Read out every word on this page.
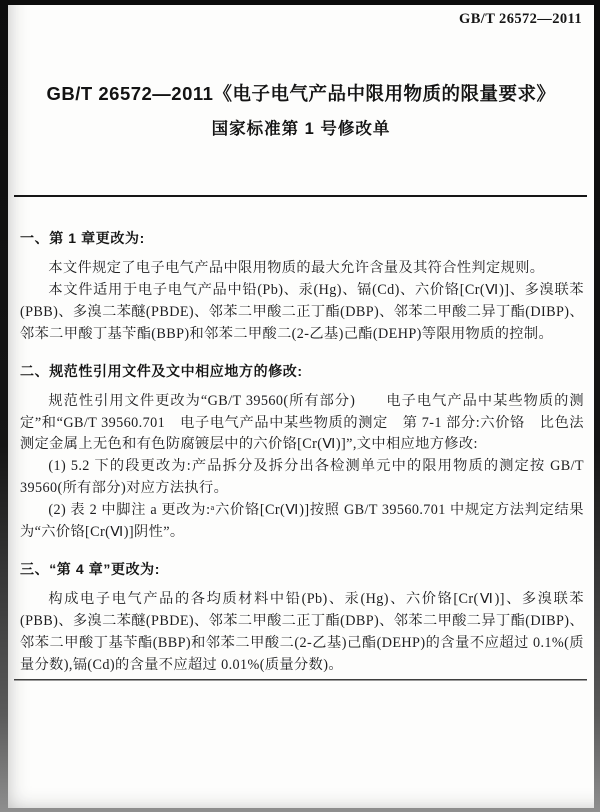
GB/T 26572—2011
GB/T 26572—2011《电子电气产品中限用物质的限量要求》
国家标准第 1 号修改单
一、第 1 章更改为:

本文件规定了电子电气产品中限用物质的最大允许含量及其符合性判定规则。

本文件适用于电子电气产品中铅(Pb)、汞(Hg)、镉(Cd)、六价铬[Cr(Ⅵ)]、多溴联苯(PBB)、多溴二苯醚(PBDE)、邻苯二甲酸二正丁酯(DBP)、邻苯二甲酸二异丁酯(DIBP)、邻苯二甲酸丁基苄酯(BBP)和邻苯二甲酸二(2-乙基)己酯(DEHP)等限用物质的控制。

二、规范性引用文件及文中相应地方的修改:

规范性引用文件更改为“GB/T 39560(所有部分)　　电子电气产品中某些物质的测定”和“GB/T 39560.701　电子电气产品中某些物质的测定　第 7-1 部分:六价铬　比色法测定金属上无色和有色防腐镀层中的六价铬[Cr(Ⅵ)]”,文中相应地方修改:

(1) 5.2 下的段更改为:产品拆分及拆分出各检测单元中的限用物质的测定按 GB/T 39560(所有部分)对应方法执行。

(2) 表 2 中脚注 a 更改为:ᵃ六价铬[Cr(Ⅵ)]按照 GB/T 39560.701 中规定方法判定结果为“六价铬[Cr(Ⅵ)]阴性”。

三、“第 4 章”更改为:

构成电子电气产品的各均质材料中铅(Pb)、汞(Hg)、六价铬[Cr(Ⅵ)]、多溴联苯(PBB)、多溴二苯醚(PBDE)、邻苯二甲酸二正丁酯(DBP)、邻苯二甲酸二异丁酯(DIBP)、邻苯二甲酸丁基苄酯(BBP)和邻苯二甲酸二(2-乙基)己酯(DEHP)的含量不应超过 0.1%(质量分数),镉(Cd)的含量不应超过 0.01%(质量分数)。
